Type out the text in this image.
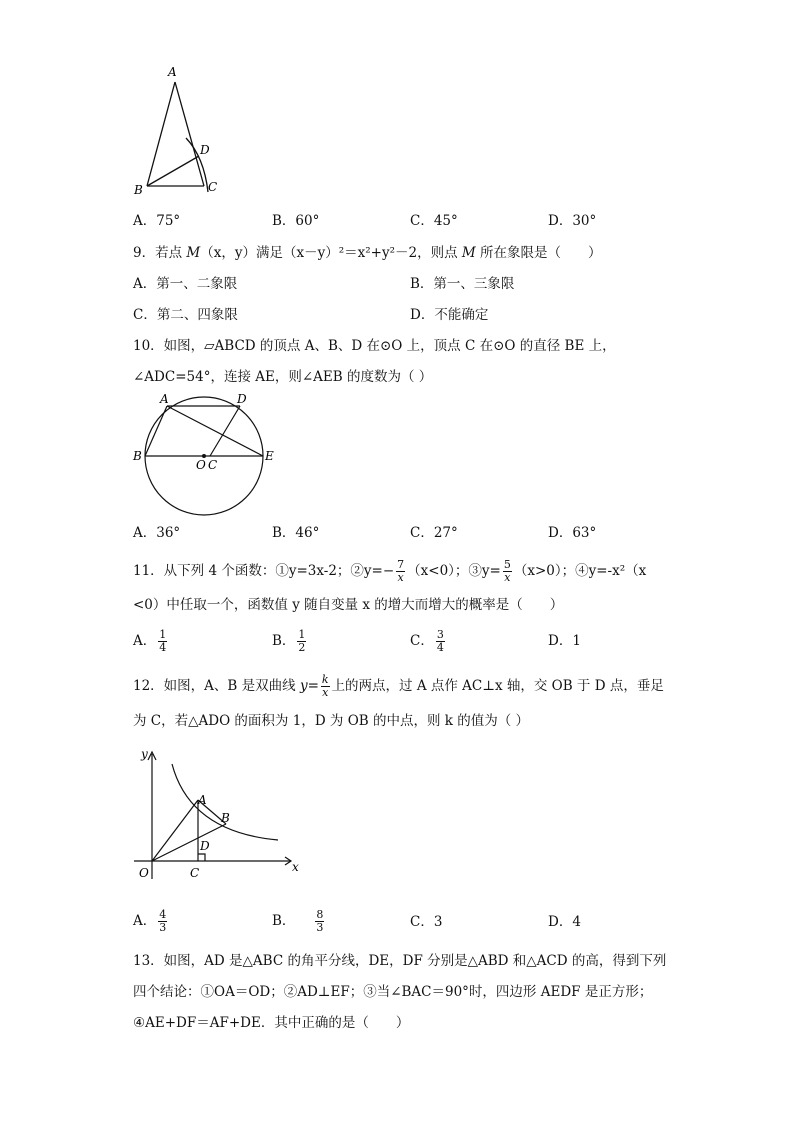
A
D
B	C
A．75°	B．60°	C．45°	D．30°
9．若点 M（x，y）满足（x－y）²＝x²+y²－2，则点 M 所在象限是（　　）
A．第一、二象限	B．第一、三象限
C．第二、四象限	D．不能确定
10．如图，▱ABCD 的顶点 A、B、D 在⊙O 上，顶点 C 在⊙O 的直径 BE 上，
∠ADC=54°，连接 AE，则∠AEB 的度数为（ ）
A	D
B	E
O C
A．36°	B．46°	C．27°	D．63°
11．从下列 4 个函数：①y=3x-2；②y=− $\frac{7}{x} (x<0)$；③y= $\frac{5}{x} (x>0)$；④y=-x²（x
<0）中任取一个，函数值 y 随自变量 x 的增大而增大的概率是（　　）
A． $\frac{1}{4}$	B． $\frac{1}{2}$	C． $\frac{3}{4}$	D．1
12．如图，A、B 是双曲线 $y= \frac{k}{x}$ 上的两点，过 A 点作 AC⊥x 轴，交 OB 于 D 点，垂足
为 C，若△ADO 的面积为 1，D 为 OB 的中点，则 k 的值为（ ）
y
x
O
A
B
D
C
A． $\frac{4}{3}$	B． $\frac{8}{3}$	C．3	D．4
13．如图，AD 是△ABC 的角平分线，DE，DF 分别是△ABD 和△ACD 的高，得到下列
四个结论：①OA＝OD；②AD⊥EF；③当∠BAC＝90°时，四边形 AEDF 是正方形；
④AE+DF＝AF+DE．其中正确的是（　　）
